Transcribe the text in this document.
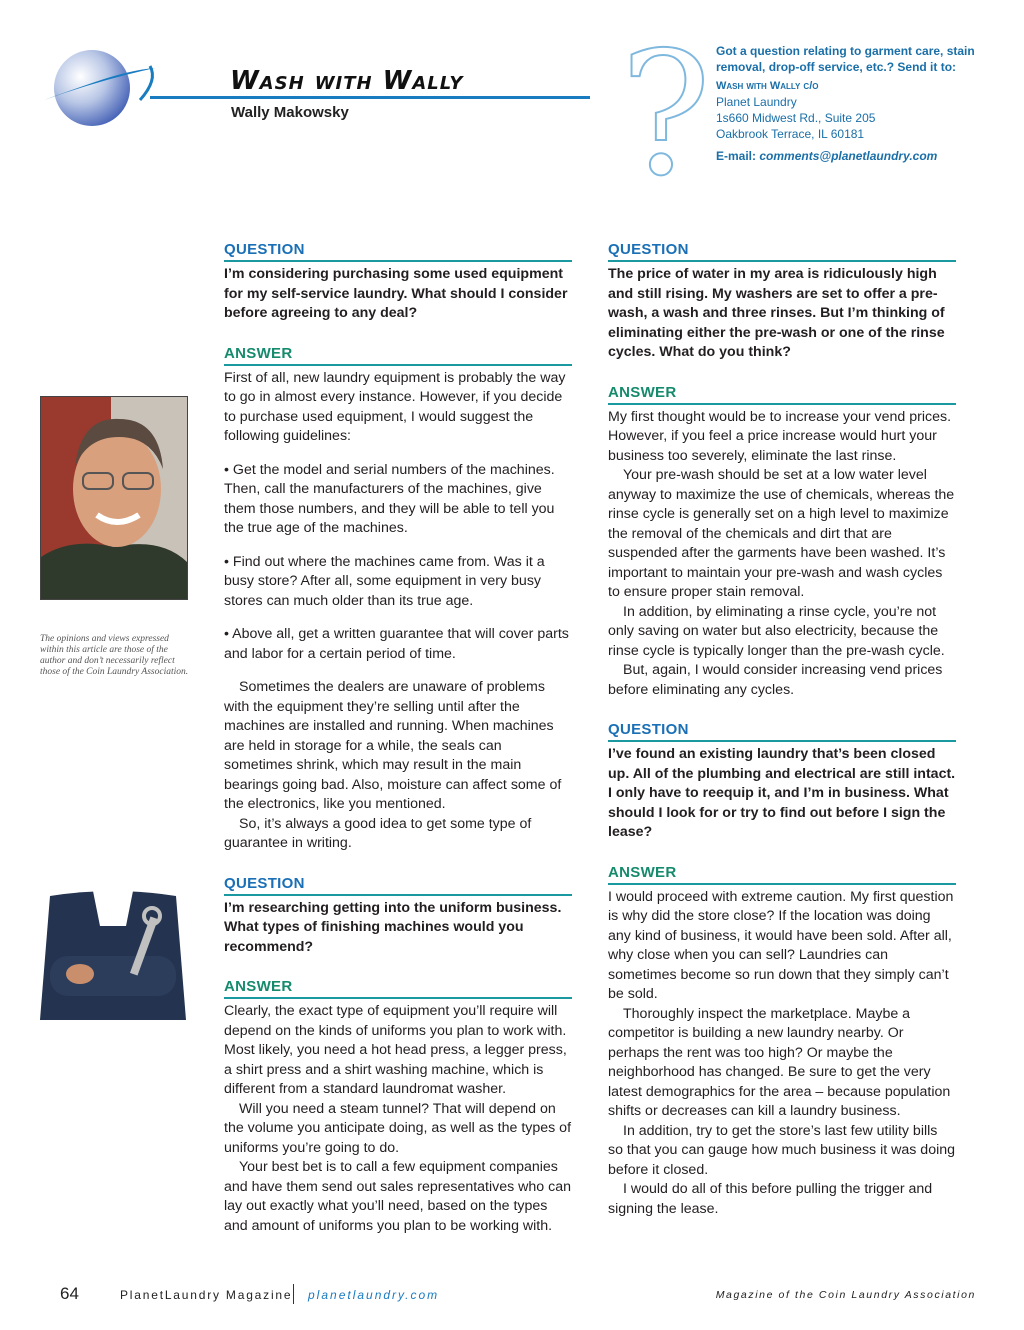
Wash with Wally
Wally Makowsky ? Got a question relating to garment care, stain removal, drop-off service, etc.? Send it to:
Wash with Wally c/o
Planet Laundry
1s660 Midwest Rd., Suite 205
Oakbrook Terrace, IL 60181
E-mail: comments@planetlaundry.com
The opinions and views expressed within this article are those of the author and don’t necessarily reflect those of the Coin Laundry Association.
QUESTION

I’m considering purchasing some used equipment for my self-service laundry. What should I consider before agreeing to any deal?

ANSWER

First of all, new laundry equipment is probably the way to go in almost every instance. However, if you decide to purchase used equipment, I would suggest the following guidelines:

• Get the model and serial numbers of the machines. Then, call the manufacturers of the machines, give them those numbers, and they will be able to tell you the true age of the machines.

• Find out where the machines came from. Was it a busy store? After all, some equipment in very busy stores can much older than its true age.

• Above all, get a written guarantee that will cover parts and labor for a certain period of time.

Sometimes the dealers are unaware of problems with the equipment they’re selling until after the machines are installed and running. When machines are held in storage for a while, the seals can sometimes shrink, which may result in the main bearings going bad. Also, moisture can affect some of the electronics, like you mentioned.

So, it’s always a good idea to get some type of guarantee in writing.

QUESTION

I’m researching getting into the uniform business. What types of finishing machines would you recommend?

ANSWER

Clearly, the exact type of equipment you’ll require will depend on the kinds of uniforms you plan to work with. Most likely, you need a hot head press, a legger press, a shirt press and a shirt washing machine, which is different from a standard laundromat washer.

Will you need a steam tunnel? That will depend on the volume you anticipate doing, as well as the types of uniforms you’re going to do.

Your best bet is to call a few equipment companies and have them send out sales representatives who can lay out exactly what you’ll need, based on the types and amount of uniforms you plan to be working with.

QUESTION

The price of water in my area is ridiculously high and still rising. My washers are set to offer a pre-wash, a wash and three rinses. But I’m thinking of eliminating either the pre-wash or one of the rinse cycles. What do you think?

ANSWER

My first thought would be to increase your vend prices. However, if you feel a price increase would hurt your business too severely, eliminate the last rinse.

Your pre-wash should be set at a low water level anyway to maximize the use of chemicals, whereas the rinse cycle is generally set on a high level to maximize the removal of the chemicals and dirt that are suspended after the garments have been washed. It’s important to maintain your pre-wash and wash cycles to ensure proper stain removal.

In addition, by eliminating a rinse cycle, you’re not only saving on water but also electricity, because the rinse cycle is typically longer than the pre-wash cycle.

But, again, I would consider increasing vend prices before eliminating any cycles.

QUESTION

I’ve found an existing laundry that’s been closed up. All of the plumbing and electrical are still intact. I only have to reequip it, and I’m in business. What should I look for or try to find out before I sign the lease?

ANSWER

I would proceed with extreme caution. My first question is why did the store close? If the location was doing any kind of business, it would have been sold. After all, why close when you can sell? Laundries can sometimes become so run down that they simply can’t be sold.

Thoroughly inspect the marketplace. Maybe a competitor is building a new laundry nearby. Or perhaps the rent was too high? Or maybe the neighborhood has changed. Be sure to get the very latest demographics for the area – because population shifts or decreases can kill a laundry business.

In addition, try to get the store’s last few utility bills so that you can gauge how much business it was doing before it closed.

I would do all of this before pulling the trigger and signing the lease.

64	PlanetLaundry Magazine planetlaundry.com	Magazine of the Coin Laundry Association
